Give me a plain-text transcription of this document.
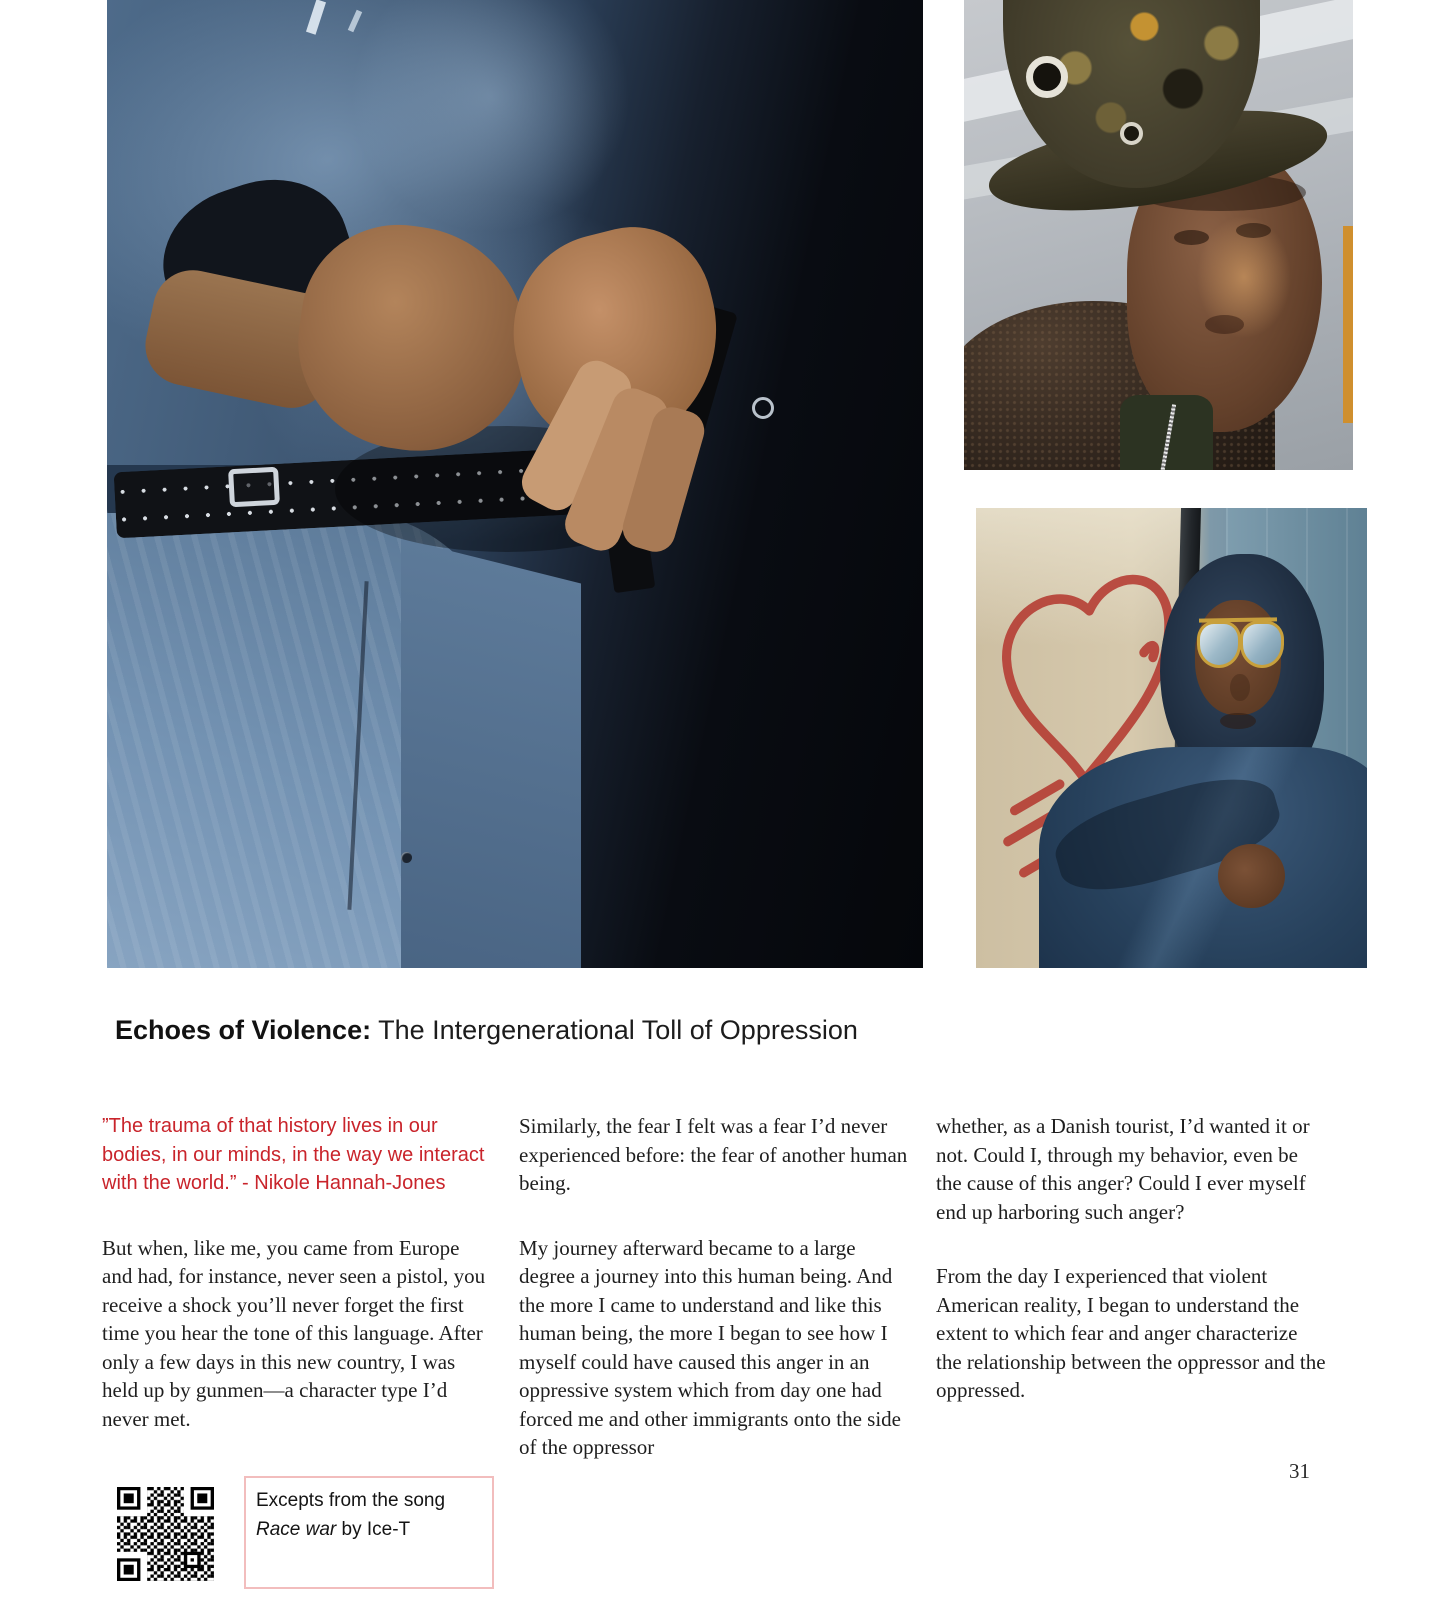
Echoes of Violence: The Intergenerational Toll of Oppression

”The trauma of that history lives in our bodies, in our minds, in the way we interact with the world.” - Nikole Hannah-Jones

But when, like me, you came from Europe and had, for instance, never seen a pistol, you receive a shock you’ll never forget the first time you hear the tone of this language. After only a few days in this new country, I was held up by gunmen—a character type I’d never met.

Similarly, the fear I felt was a fear I’d never experienced before: the fear of another human being.

My journey afterward became to a large degree a journey into this human being. And the more I came to understand and like this human being, the more I began to see how I myself could have caused this anger in an oppressive system which from day one had forced me and other immigrants onto the side of the oppressor

whether, as a Danish tourist, I’d wanted it or not. Could I, through my behavior, even be the cause of this anger? Could I ever myself end up harboring such anger?

From the day I experienced that violent American reality, I began to understand the extent to which fear and anger characterize the relationship between the oppressor and the oppressed.

Excepts from the song Race war by Ice-T

31
